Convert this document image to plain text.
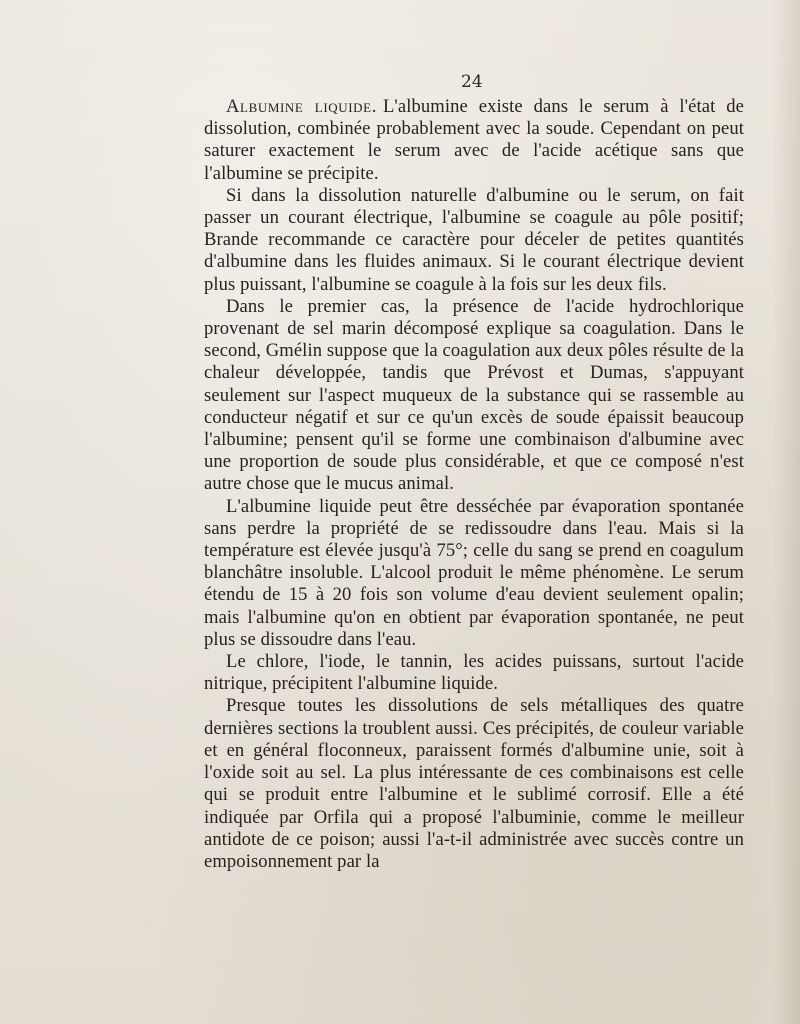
24

Albumine liquide. L'albumine existe dans le serum à l'état de dissolution, combinée probablement avec la soude. Cependant on peut saturer exactement le serum avec de l'acide acétique sans que l'albumine se précipite.

Si dans la dissolution naturelle d'albumine ou le serum, on fait passer un courant électrique, l'albumine se coagule au pôle positif; Brande recommande ce caractère pour déceler de petites quantités d'albumine dans les fluides animaux. Si le courant électrique devient plus puissant, l'albumine se coagule à la fois sur les deux fils.

Dans le premier cas, la présence de l'acide hydrochlorique provenant de sel marin décomposé explique sa coagulation. Dans le second, Gmélin suppose que la coagulation aux deux pôles résulte de la chaleur développée, tandis que Prévost et Dumas, s'appuyant seulement sur l'aspect muqueux de la substance qui se rassemble au conducteur négatif et sur ce qu'un excès de soude épaissit beaucoup l'albumine; pensent qu'il se forme une combinaison d'albumine avec une proportion de soude plus considérable, et que ce composé n'est autre chose que le mucus animal.

L'albumine liquide peut être desséchée par évaporation spontanée sans perdre la propriété de se redissoudre dans l'eau. Mais si la température est élevée jusqu'à 75°; celle du sang se prend en coagulum blanchâtre insoluble. L'alcool produit le même phénomène. Le serum étendu de 15 à 20 fois son volume d'eau devient seulement opalin; mais l'albumine qu'on en obtient par évaporation spontanée, ne peut plus se dissoudre dans l'eau.

Le chlore, l'iode, le tannin, les acides puissans, surtout l'acide nitrique, précipitent l'albumine liquide.

Presque toutes les dissolutions de sels métalliques des quatre dernières sections la troublent aussi. Ces précipités, de couleur variable et en général floconneux, paraissent formés d'albumine unie, soit à l'oxide soit au sel. La plus intéressante de ces combinaisons est celle qui se produit entre l'albumine et le sublimé corrosif. Elle a été indiquée par Orfila qui a proposé l'albuminie, comme le meilleur antidote de ce poison; aussi l'a-t-il administrée avec succès contre un empoisonnement par la
